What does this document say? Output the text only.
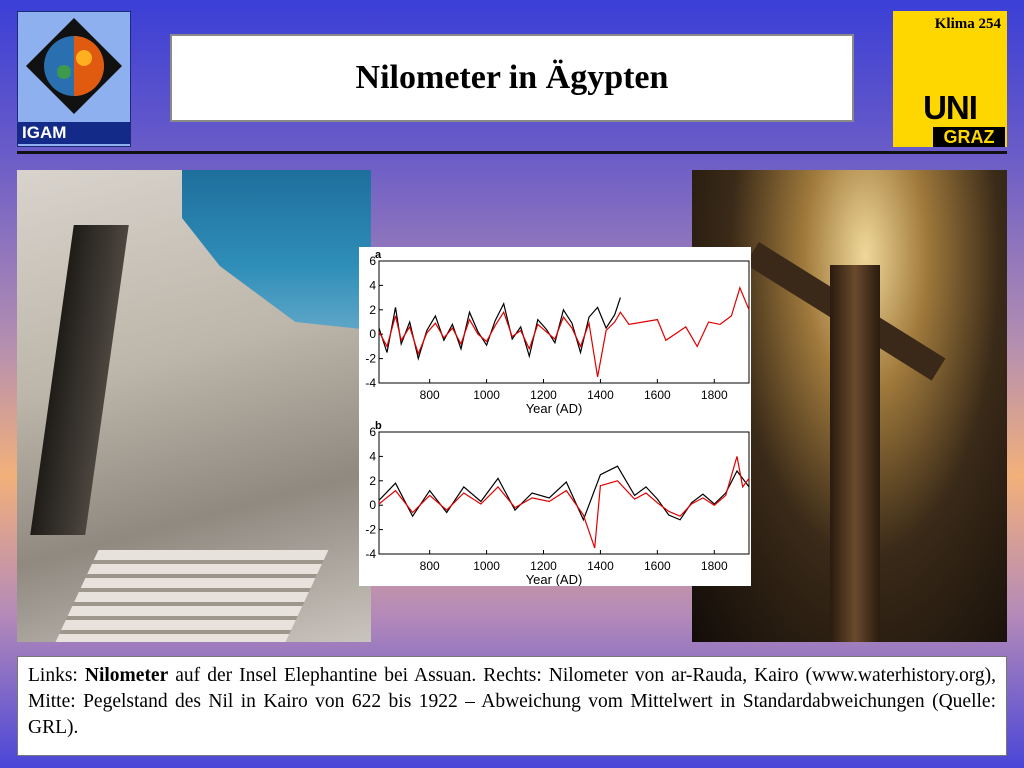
IGAM
Nilometer in Ägypten
Klima 254
UNI
GRAZ
a
-4
-2
0
2
4
6
800	1000	1200	1400	1600	1800
Year (AD)
b
-4
-2
0
2
4
6
800	1000	1200	1400	1600	1800
Year (AD)
Links: Nilometer auf der Insel Elephantine bei Assuan. Rechts: Nilometer von ar-Rauda, Kairo (www.waterhistory.org), Mitte: Pegelstand des Nil in Kairo von 622 bis 1922 – Abweichung vom Mittelwert in Standardabweichungen (Quelle: GRL).
